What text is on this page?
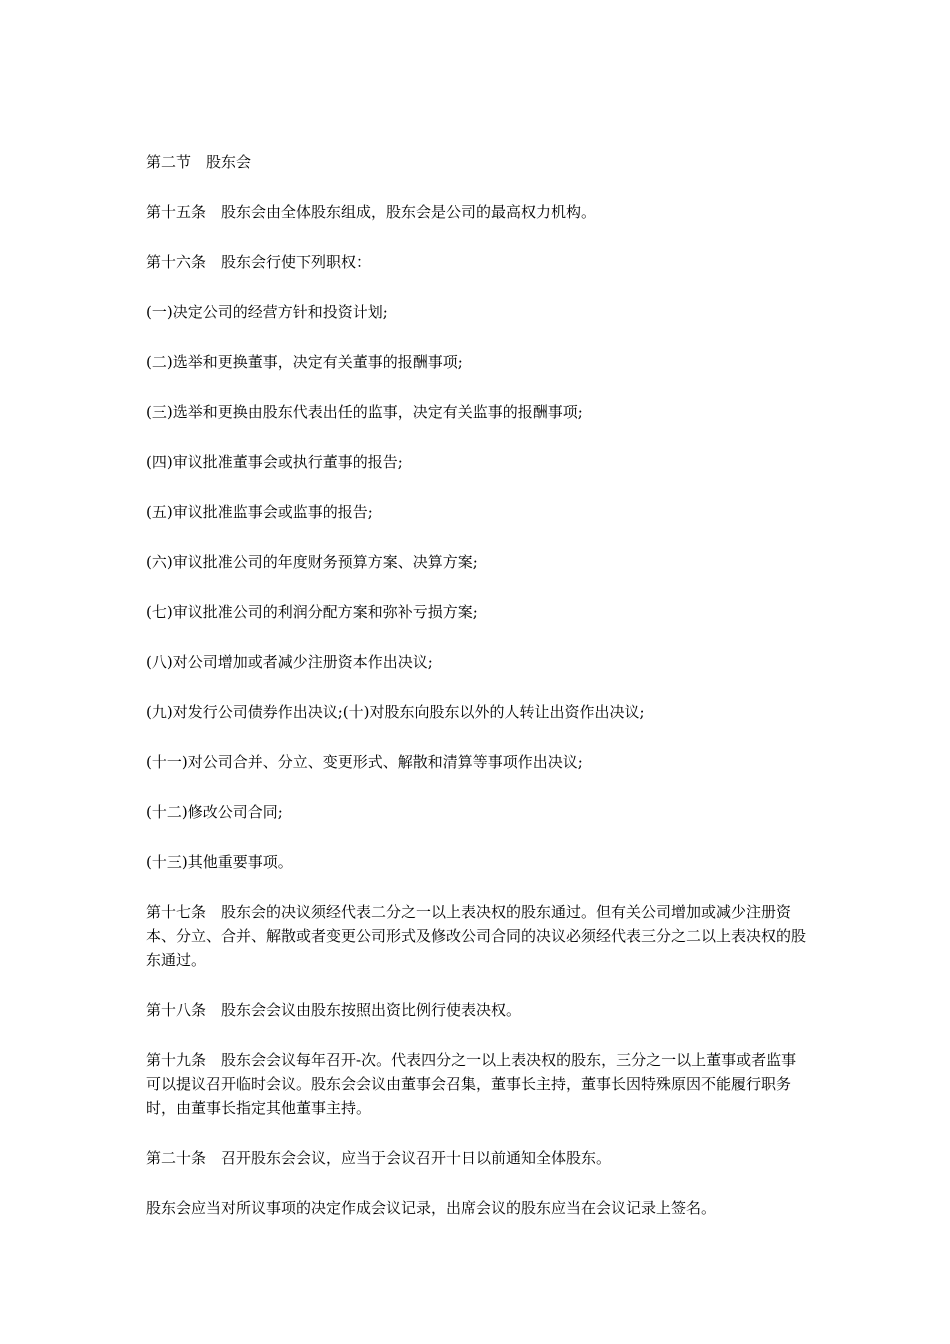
第二节　股东会

第十五条　股东会由全体股东组成，股东会是公司的最高权力机构。

第十六条　股东会行使下列职权：

(一)决定公司的经营方针和投资计划;

(二)选举和更换董事，决定有关董事的报酬事项;

(三)选举和更换由股东代表出任的监事，决定有关监事的报酬事项;

(四)审议批准董事会或执行董事的报告;

(五)审议批准监事会或监事的报告;

(六)审议批准公司的年度财务预算方案、决算方案;

(七)审议批准公司的利润分配方案和弥补亏损方案;

(八)对公司增加或者减少注册资本作出决议;

(九)对发行公司债券作出决议;(十)对股东向股东以外的人转让出资作出决议;

(十一)对公司合并、分立、变更形式、解散和清算等事项作出决议;

(十二)修改公司合同;

(十三)其他重要事项。

第十七条　股东会的决议须经代表二分之一以上表决权的股东通过。但有关公司增加或减少注册资本、分立、合并、解散或者变更公司形式及修改公司合同的决议必须经代表三分之二以上表决权的股东通过。

第十八条　股东会会议由股东按照出资比例行使表决权。

第十九条　股东会会议每年召开-次。代表四分之一以上表决权的股东，三分之一以上董事或者监事可以提议召开临时会议。股东会会议由董事会召集，董事长主持，董事长因特殊原因不能履行职务时，由董事长指定其他董事主持。

第二十条　召开股东会会议，应当于会议召开十日以前通知全体股东。

股东会应当对所议事项的决定作成会议记录，出席会议的股东应当在会议记录上签名。
